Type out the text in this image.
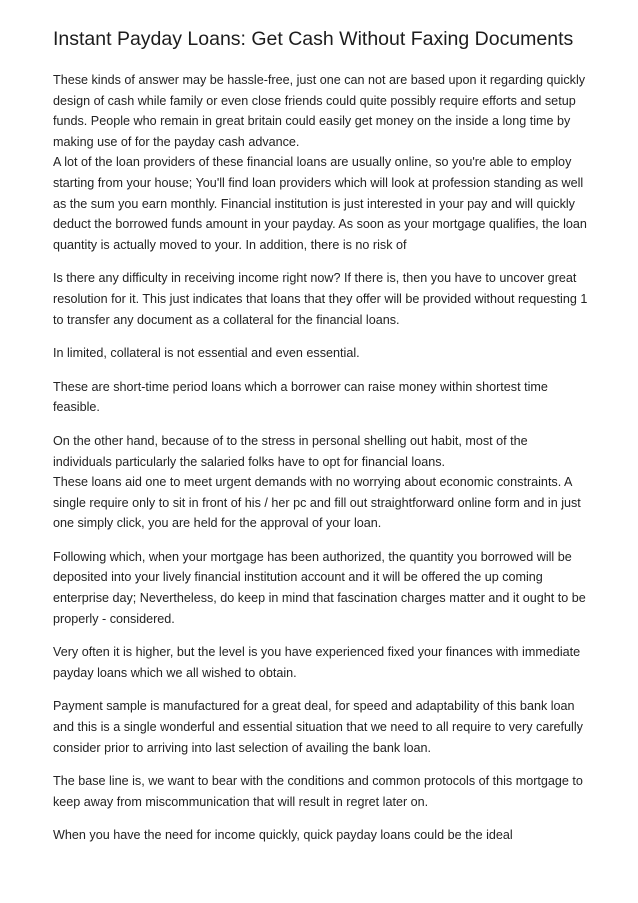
Instant Payday Loans: Get Cash Without Faxing Documents

These kinds of answer may be hassle-free, just one can not are based upon it regarding quickly design of cash while family or even close friends could quite possibly require efforts and setup funds. People who remain in great britain could easily get money on the inside a long time by making use of for the payday cash advance.

A lot of the loan providers of these financial loans are usually online, so you're able to employ starting from your house; You'll find loan providers which will look at profession standing as well as the sum you earn monthly. Financial institution is just interested in your pay and will quickly deduct the borrowed funds amount in your payday. As soon as your mortgage qualifies, the loan quantity is actually moved to your. In addition, there is no risk of

Is there any difficulty in receiving income right now? If there is, then you have to uncover great resolution for it. This just indicates that loans that they offer will be provided without requesting 1 to transfer any document as a collateral for the financial loans.

In limited, collateral is not essential and even essential.

These are short-time period loans which a borrower can raise money within shortest time feasible.

On the other hand, because of to the stress in personal shelling out habit, most of the individuals particularly the salaried folks have to opt for financial loans.

These loans aid one to meet urgent demands with no worrying about economic constraints. A single require only to sit in front of his / her pc and fill out straightforward online form and in just one simply click, you are held for the approval of your loan.

Following which, when your mortgage has been authorized, the quantity you borrowed will be deposited into your lively financial institution account and it will be offered the up coming enterprise day; Nevertheless, do keep in mind that fascination charges matter and it ought to be properly - considered.

Very often it is higher, but the level is you have experienced fixed your finances with immediate payday loans which we all wished to obtain.

Payment sample is manufactured for a great deal, for speed and adaptability of this bank loan and this is a single wonderful and essential situation that we need to all require to very carefully consider prior to arriving into last selection of availing the bank loan.

The base line is, we want to bear with the conditions and common protocols of this mortgage to keep away from miscommunication that will result in regret later on.

When you have the need for income quickly, quick payday loans could be the ideal
